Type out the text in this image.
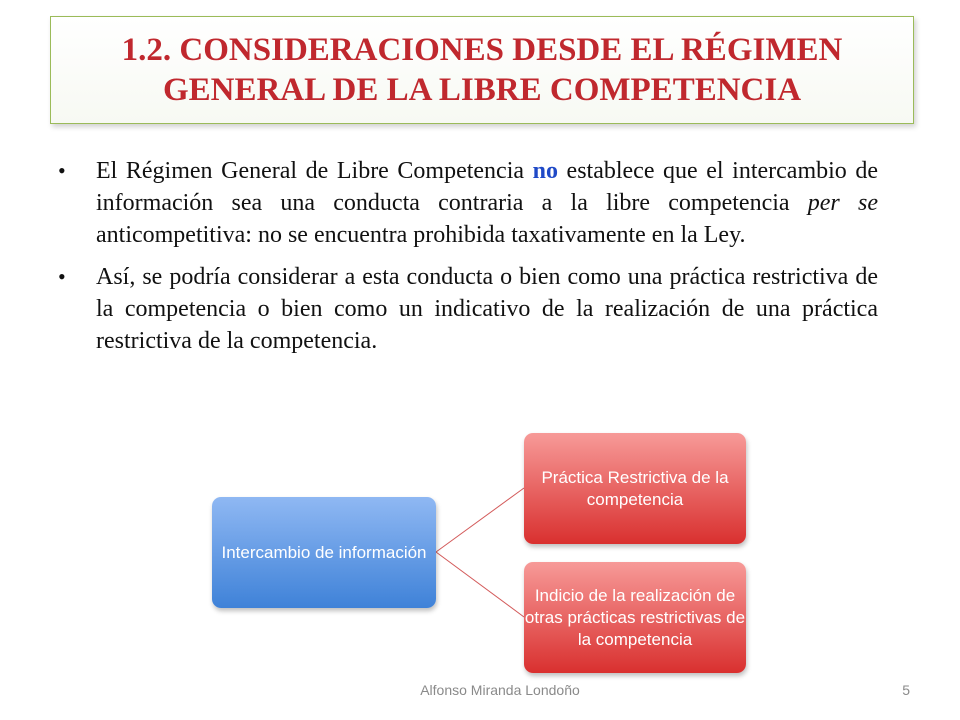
1.2. CONSIDERACIONES DESDE EL RÉGIMEN
GENERAL DE LA LIBRE COMPETENCIA
• El Régimen General de Libre Competencia no establece que el intercambio de información sea una conducta contraria a la libre competencia per se anticompetitiva: no se encuentra prohibida taxativamente en la Ley.
• Así, se podría considerar a esta conducta o bien como una práctica restrictiva de la competencia o bien como un indicativo de la realización de una práctica restrictiva de la competencia.
Intercambio de información
Práctica Restrictiva de la competencia
Indicio de la realización de otras prácticas restrictivas de la competencia
Alfonso Miranda Londoño	5
